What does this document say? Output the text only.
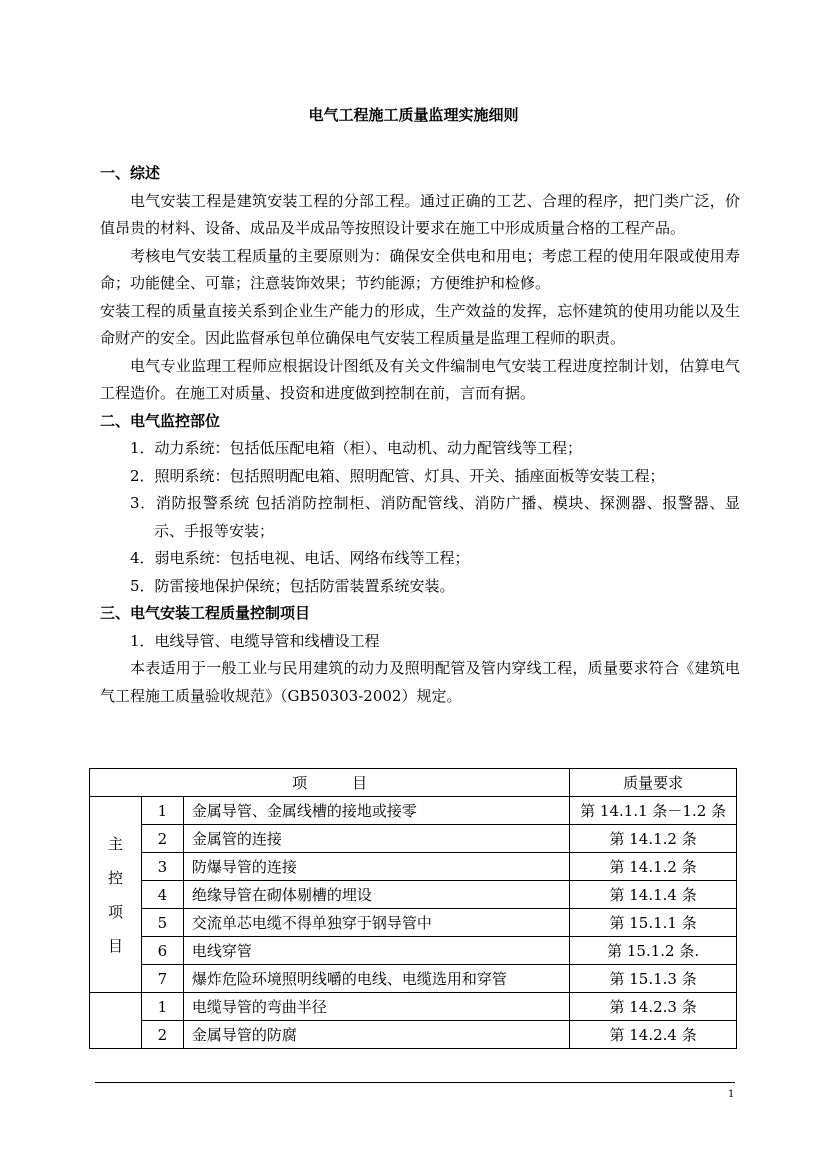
电气工程施工质量监理实施细则

一、综述

电气安装工程是建筑安装工程的分部工程。通过正确的工艺、合理的程序，把门类广泛，价值昂贵的材料、设备、成品及半成品等按照设计要求在施工中形成质量合格的工程产品。

考核电气安装工程质量的主要原则为：确保安全供电和用电；考虑工程的使用年限或使用寿命；功能健全、可靠；注意装饰效果；节约能源；方便维护和检修。

安装工程的质量直接关系到企业生产能力的形成，生产效益的发挥，忘怀建筑的使用功能以及生命财产的安全。因此监督承包单位确保电气安装工程质量是监理工程师的职责。

电气专业监理工程师应根据设计图纸及有关文件编制电气安装工程进度控制计划，估算电气工程造价。在施工对质量、投资和进度做到控制在前，言而有据。

二、电气监控部位

1．动力系统：包括低压配电箱（柜）、电动机、动力配管线等工程；

2．照明系统：包括照明配电箱、照明配管、灯具、开关、插座面板等安装工程；

3．消防报警系统 包括消防控制柜、消防配管线、消防广播、模块、探测器、报警器、显示、手报等安装；

4．弱电系统：包括电视、电话、网络布线等工程；

5．防雷接地保护保统；包括防雷装置系统安装。

三、电气安装工程质量控制项目

1．电线导管、电缆导管和线槽设工程

本表适用于一般工业与民用建筑的动力及照明配管及管内穿线工程，质量要求符合《建筑电气工程施工质量验收规范》（GB50303-2002）规定。

项　　　目			质量要求

主
控
项
目	1	金属导管、金属线槽的接地或接零	第 14.1.1 条－1.2 条
	2	金属管的连接	第 14.1.2 条
	3	防爆导管的连接	第 14.1.2 条
	4	绝缘导管在砌体剔槽的埋设	第 14.1.4 条
	5	交流单芯电缆不得单独穿于钢导管中	第 15.1.1 条
	6	电线穿管	第 15.1.2 条.
	7	爆炸危险环境照明线嚼的电线、电缆选用和穿管	第 15.1.3 条
	1	电缆导管的弯曲半径	第 14.2.3 条
	2	金属导管的防腐	第 14.2.4 条
1
